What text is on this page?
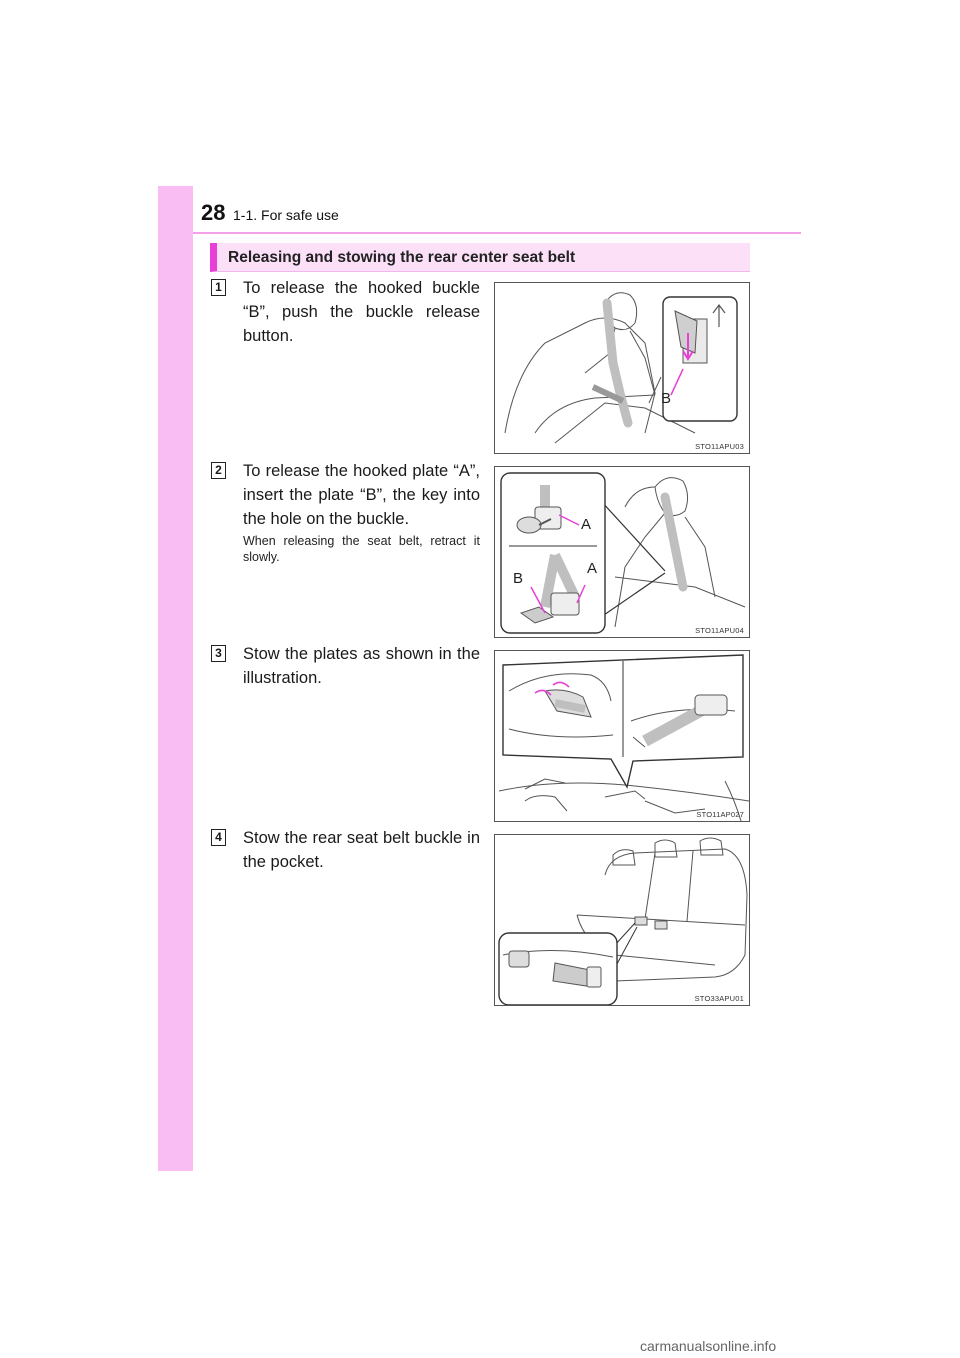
28 1-1. For safe use
Releasing and stowing the rear center seat belt
1 To release the hooked buckle “B”, push the buckle release button.
B
STO11APU03
2 To release the hooked plate “A”, insert the plate “B”, the key into the hole on the buckle.
When releasing the seat belt, retract it slowly.
A
B
A
STO11APU04
3 Stow the plates as shown in the illustration.
STO11AP027
4 Stow the rear seat belt buckle in the pocket.
STO33APU01
carmanualsonline.info
